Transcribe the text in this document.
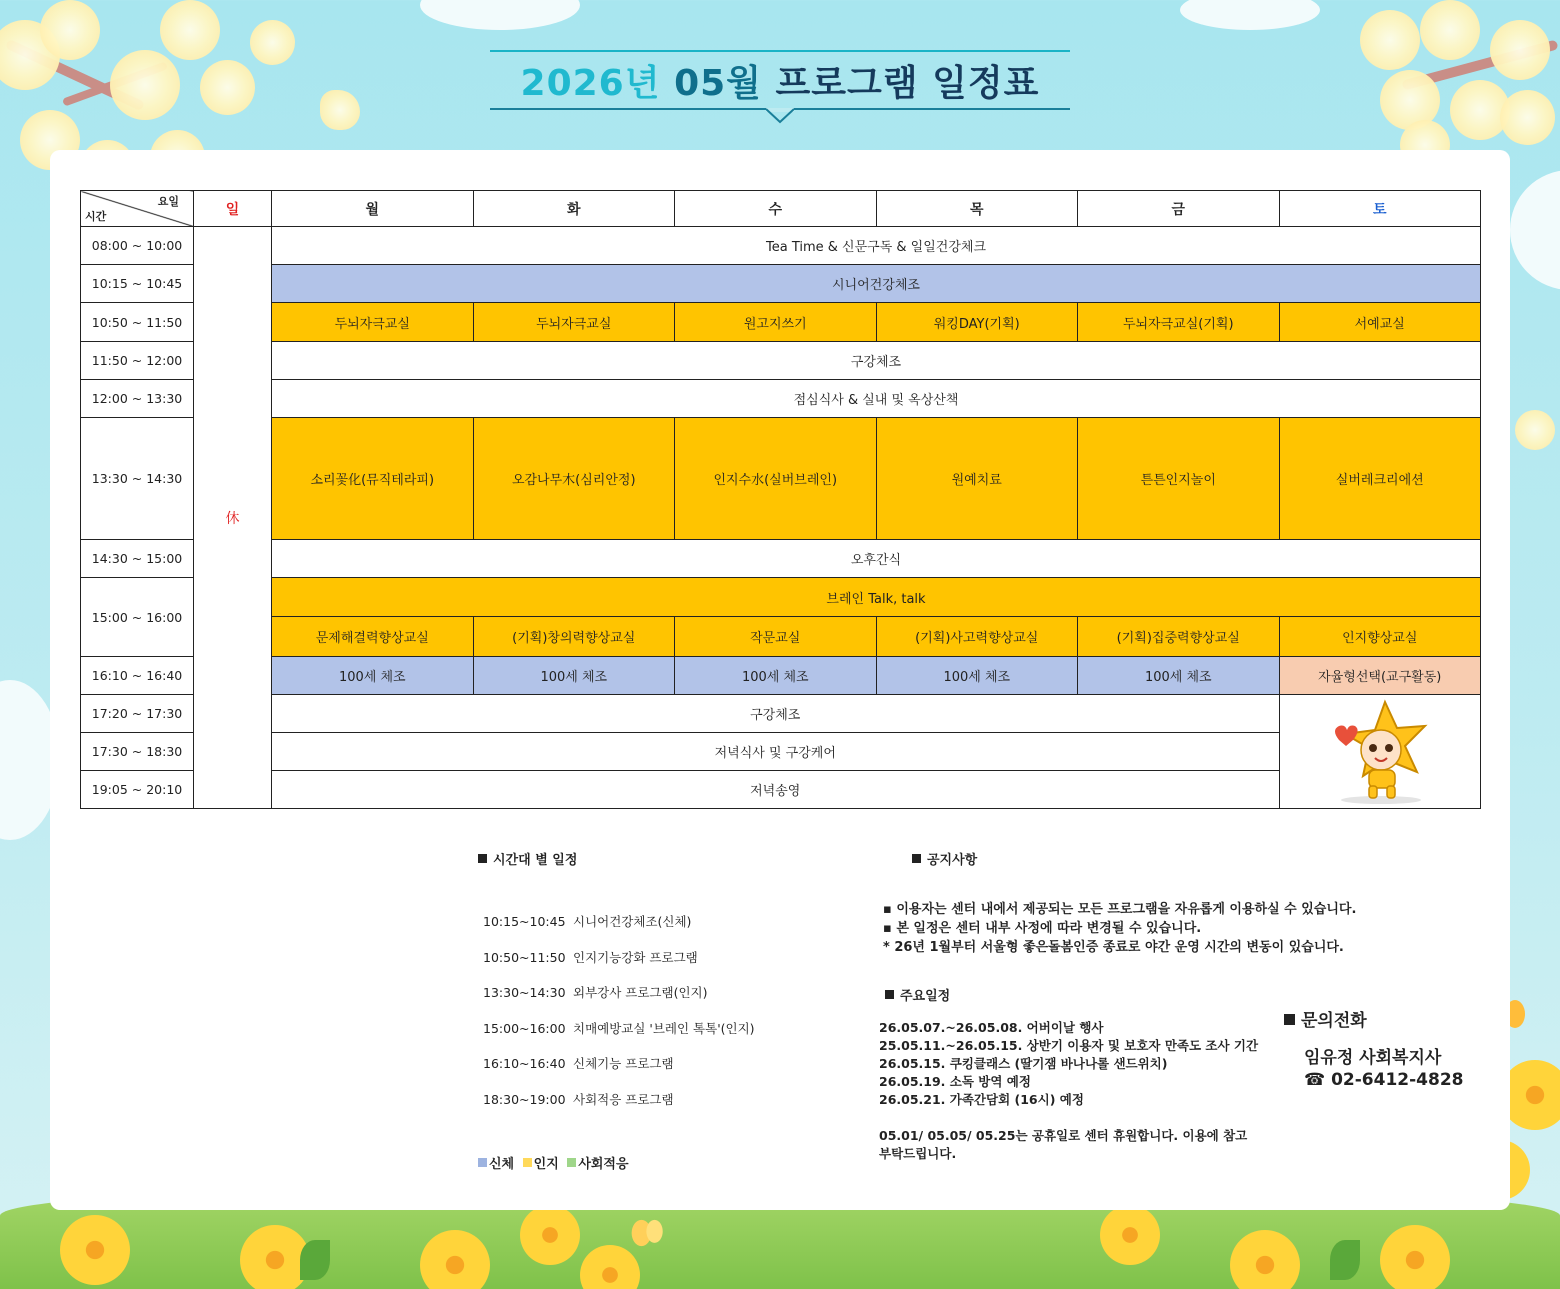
2026년 05월 프로그램 일정표
요일
시간	일	월	화	수	목	금	토
08:00 ~ 10:00	休	Tea Time & 신문구독 & 일일건강체크					
10:15 ~ 10:45		시니어건강체조					
10:50 ~ 11:50		두뇌자극교실	두뇌자극교실	원고지쓰기	워킹DAY(기획)	두뇌자극교실(기획)	서예교실
11:50 ~ 12:00		구강체조					
12:00 ~ 13:30		점심식사 & 실내 및 옥상산책					
13:30 ~ 14:30		소리꽃化(뮤직테라피)	오감나무木(심리안정)	인지수水(실버브레인)	원예치료	튼튼인지놀이	실버레크리에션
14:30 ~ 15:00		오후간식					
15:00 ~ 16:00		브레인 Talk, talk					
		문제해결력향상교실	(기획)창의력향상교실	작문교실	(기획)사고력향상교실	(기획)집중력향상교실	인지향상교실
16:10 ~ 16:40		100세 체조	100세 체조	100세 체조	100세 체조	100세 체조	자율형선택(교구활동)
17:20 ~ 17:30		구강체조	

17:30 ~ 18:30		저녁식사 및 구강케어					
19:05 ~ 20:10		저녁송영					
시간대 별 일정
10:15~10:45 시니어건강체조(신체)
10:50~11:50 인지기능강화 프로그램
13:30~14:30 외부강사 프로그램(인지)
15:00~16:00 치매예방교실 '브레인 톡톡'(인지)
16:10~16:40 신체기능 프로그램
18:30~19:00 사회적응 프로그램
신체 인지 사회적응
공지사항
▪ 이용자는 센터 내에서 제공되는 모든 프로그램을 자유롭게 이용하실 수 있습니다.
▪ 본 일정은 센터 내부 사정에 따라 변경될 수 있습니다.
* 26년 1월부터 서울형 좋은돌봄인증 종료로 야간 운영 시간의 변동이 있습니다.
주요일정
26.05.07.~26.05.08. 어버이날 행사
25.05.11.~26.05.15. 상반기 이용자 및 보호자 만족도 조사 기간
26.05.15. 쿠킹클래스 (딸기잼 바나나롤 샌드위치)
26.05.19. 소독 방역 예정
26.05.21. 가족간담회 (16시) 예정
05.01/ 05.05/ 05.25는 공휴일로 센터 휴원합니다. 이용에 참고
부탁드립니다.
문의전화
임유정 사회복지사
☎ 02-6412-4828
